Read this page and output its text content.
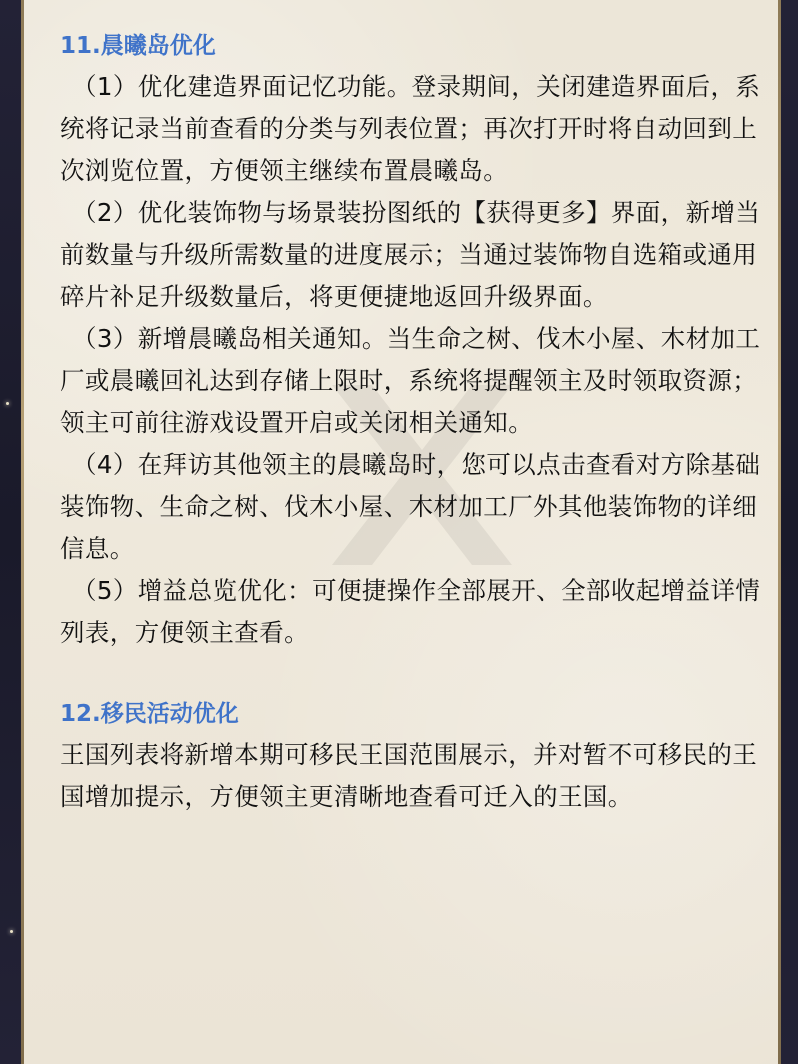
11.晨曦岛优化

（1）优化建造界面记忆功能。登录期间，关闭建造界面后，系统将记录当前查看的分类与列表位置；再次打开时将自动回到上次浏览位置，方便领主继续布置晨曦岛。

（2）优化装饰物与场景装扮图纸的【获得更多】界面，新增当前数量与升级所需数量的进度展示；当通过装饰物自选箱或通用碎片补足升级数量后，将更便捷地返回升级界面。

（3）新增晨曦岛相关通知。当生命之树、伐木小屋、木材加工厂或晨曦回礼达到存储上限时，系统将提醒领主及时领取资源；领主可前往游戏设置开启或关闭相关通知。

（4）在拜访其他领主的晨曦岛时，您可以点击查看对方除基础装饰物、生命之树、伐木小屋、木材加工厂外其他装饰物的详细信息。

（5）增益总览优化：可便捷操作全部展开、全部收起增益详情列表，方便领主查看。

12.移民活动优化

王国列表将新增本期可移民王国范围展示，并对暂不可移民的王国增加提示，方便领主更清晰地查看可迁入的王国。
